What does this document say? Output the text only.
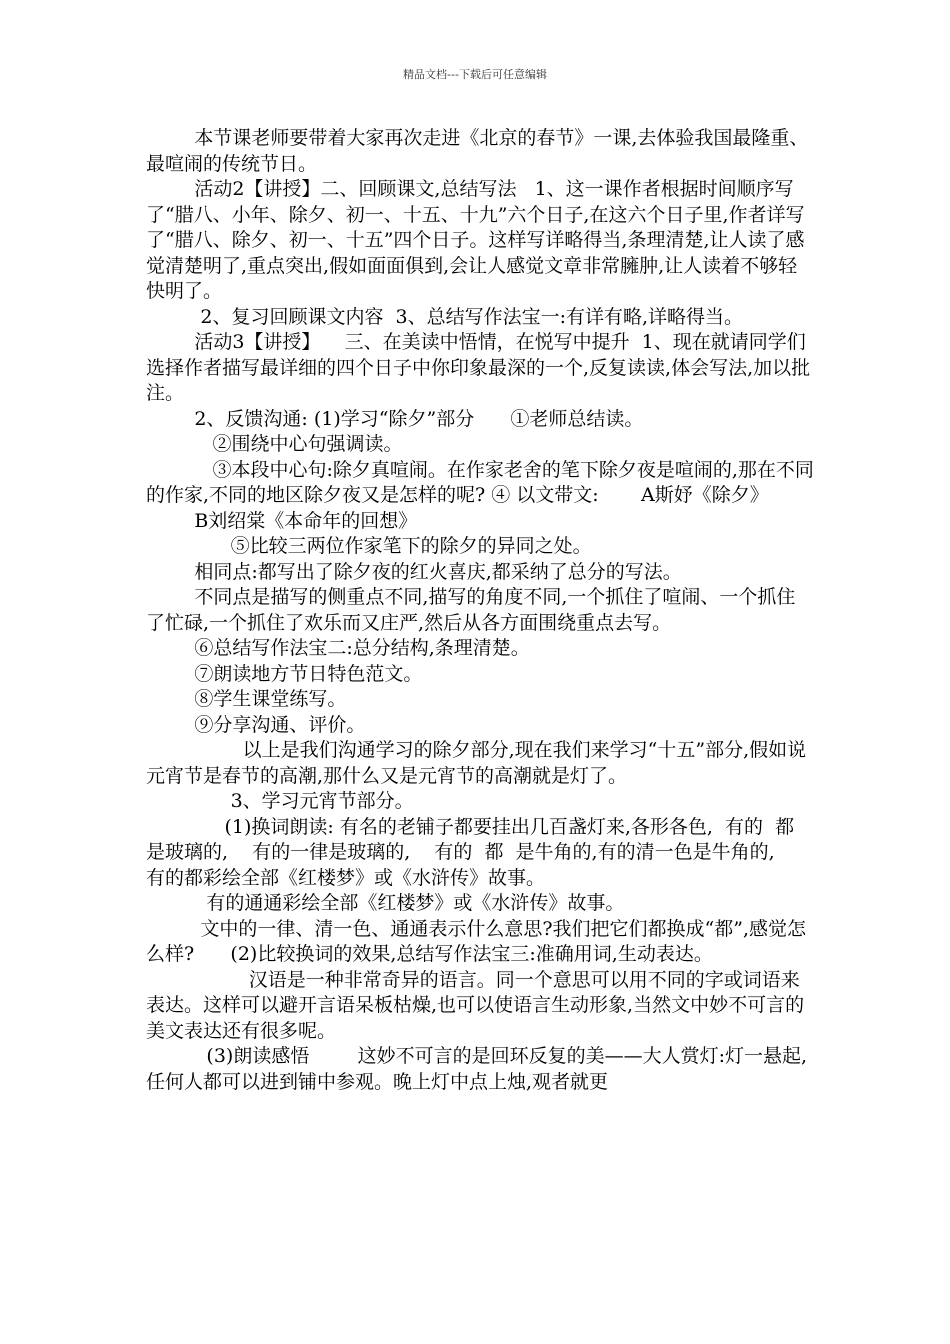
精品文档---下载后可任意编辑

本节课老师要带着大家再次走进《北京的春节》一课,去体验我国最隆重、最喧闹的传统节日。

活动2【讲授】二、回顾课文,总结写法   1、这一课作者根据时间顺序写了“腊八、小年、除夕、初一、十五、十九”六个日子,在这六个日子里,作者详写了“腊八、除夕、初一、十五”四个日子。这样写详略得当,条理清楚,让人读了感觉清楚明了,重点突出,假如面面俱到,会让人感觉文章非常臃肿,让人读着不够轻快明了。

2、复习回顾课文内容  3、总结写作法宝一:有详有略,详略得当。

活动3【讲授】    三、在美读中悟情，在悦写中提升  1、现在就请同学们选择作者描写最详细的四个日子中你印象最深的一个,反复读读,体会写法,加以批注。

2、反馈沟通: (1)学习“除夕”部分      ①老师总结读。

②围绕中心句强调读。

③本段中心句:除夕真喧闹。在作家老舍的笔下除夕夜是喧闹的,那在不同的作家,不同的地区除夕夜又是怎样的呢? ④ 以文带文:       A斯妤《除夕》

B刘绍棠《本命年的回想》

⑤比较三两位作家笔下的除夕的异同之处。

相同点:都写出了除夕夜的红火喜庆,都采纳了总分的写法。

不同点是描写的侧重点不同,描写的角度不同,一个抓住了喧闹、一个抓住了忙碌,一个抓住了欢乐而又庄严,然后从各方面围绕重点去写。

⑥总结写作法宝二:总分结构,条理清楚。

⑦朗读地方节日特色范文。

⑧学生课堂练写。

⑨分享沟通、评价。

以上是我们沟通学习的除夕部分,现在我们来学习“十五”部分,假如说元宵节是春节的高潮,那什么又是元宵节的高潮就是灯了。

3、学习元宵节部分。

(1)换词朗读: 有名的老铺子都要挂出几百盏灯来,各形各色,  有的  都  是玻璃的,    有的一律是玻璃的,    有的  都  是牛角的,有的清一色是牛角的,    有的都彩绘全部《红楼梦》或《水浒传》故事。

有的通通彩绘全部《红楼梦》或《水浒传》故事。

文中的一律、清一色、通通表示什么意思?我们把它们都换成“都”,感觉怎么样?      (2)比较换词的效果,总结写作法宝三:准确用词,生动表达。

汉语是一种非常奇异的语言。同一个意思可以用不同的字或词语来表达。这样可以避开言语呆板枯燥,也可以使语言生动形象,当然文中妙不可言的美文表达还有很多呢。

(3)朗读感悟        这妙不可言的是回环反复的美——大人赏灯:灯一悬起,任何人都可以进到铺中参观。晚上灯中点上烛,观者就更
